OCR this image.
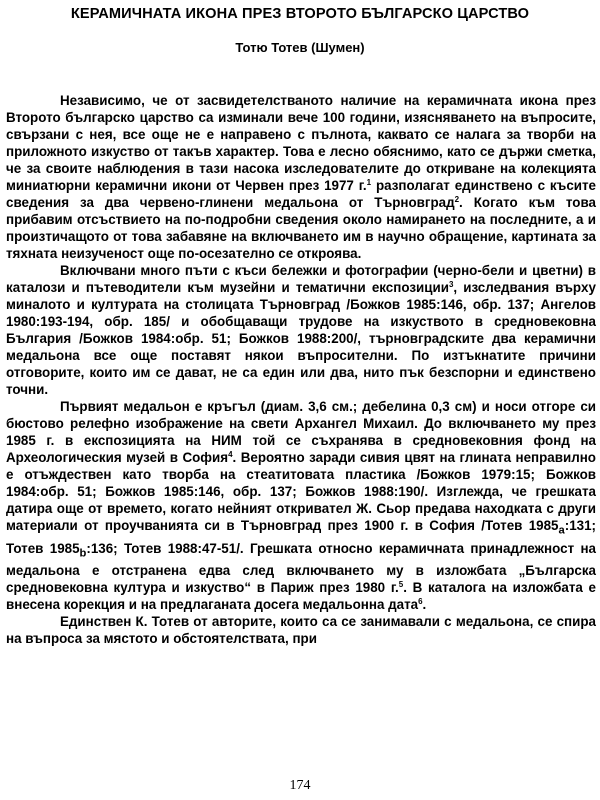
КЕРАМИЧНАТА ИКОНА ПРЕЗ ВТОРОТО БЪЛГАРСКО ЦАРСТВО
Тотю Тотев (Шумен)

Независимо, че от засвидетелстваното наличие на керамичната икона през Второто българско царство са изминали вече 100 години, изясняването на въпросите, свързани с нея, все още не е направено с пълнота, каквато се налага за творби на приложното изкуство от такъв характер. Това е лесно обяснимо, като се държи сметка, че за своите наблюдения в тази насока изследователите до откриване на колекцията миниатюрни керамични икони от Червен през 1977 г.$^1$ разполагат единствено с късите сведения за два червено-глинени медальона от Търновград$^2$. Когато към това прибавим отсъствието на по-подробни сведения около намирането на последните, а и произтичащото от това забавяне на включването им в научно обращение, картината за тяхната неизученост още по-осезателно се откроява.

Включвани много пъти с къси бележки и фотографии (черно-бели и цветни) в каталози и пътеводители към музейни и тематични експозиции$^3$, изследвания върху миналото и културата на столицата Търновград /Божков 1985:146, обр. 137; Ангелов 1980:193-194, обр. 185/ и обобщаващи трудове на изкуството в средновековна България /Божков 1984:обр. 51; Божков 1988:200/, търновградските два керамични медальона все още поставят някои въпросителни. По изтъкнатите причини отговорите, които им се дават, не са един или два, нито пък безспорни и единствено точни.

Първият медальон е кръгъл (диам. 3,6 см.; дебелина 0,3 см) и носи отгоре си бюстово релефно изображение на свети Архангел Михаил. До включването му през 1985 г. в експозицията на НИМ той се съхранява в средновековния фонд на Археологическия музей в София$^4$. Вероятно заради сивия цвят на глината неправилно е отъждествен като творба на стеатитовата пластика /Божков 1979:15; Божков 1984:обр. 51; Божков 1985:146, обр. 137; Божков 1988:190/. Изглежда, че грешката датира още от времето, когато нейният откривател Ж. Сьор предава находката с други материали от проучванията си в Търновград през 1900 г. в София /Тотев $1985_a:131$; Тотев $1985_b:136$; Тотев 1988:47-51/. Грешката относно керамичната принадлежност на медальона е отстранена едва след включването му в изложбата „Българска средновековна култура и изкуство“ в Париж през 1980 г.$^5$. В каталога на изложбата е внесена корекция и на предлаганата досега медальонна дата$^6$.

Единствен К. Тотев от авторите, които са се занимавали с медальона, се спира на въпроса за мястото и обстоятелствата, при

174
